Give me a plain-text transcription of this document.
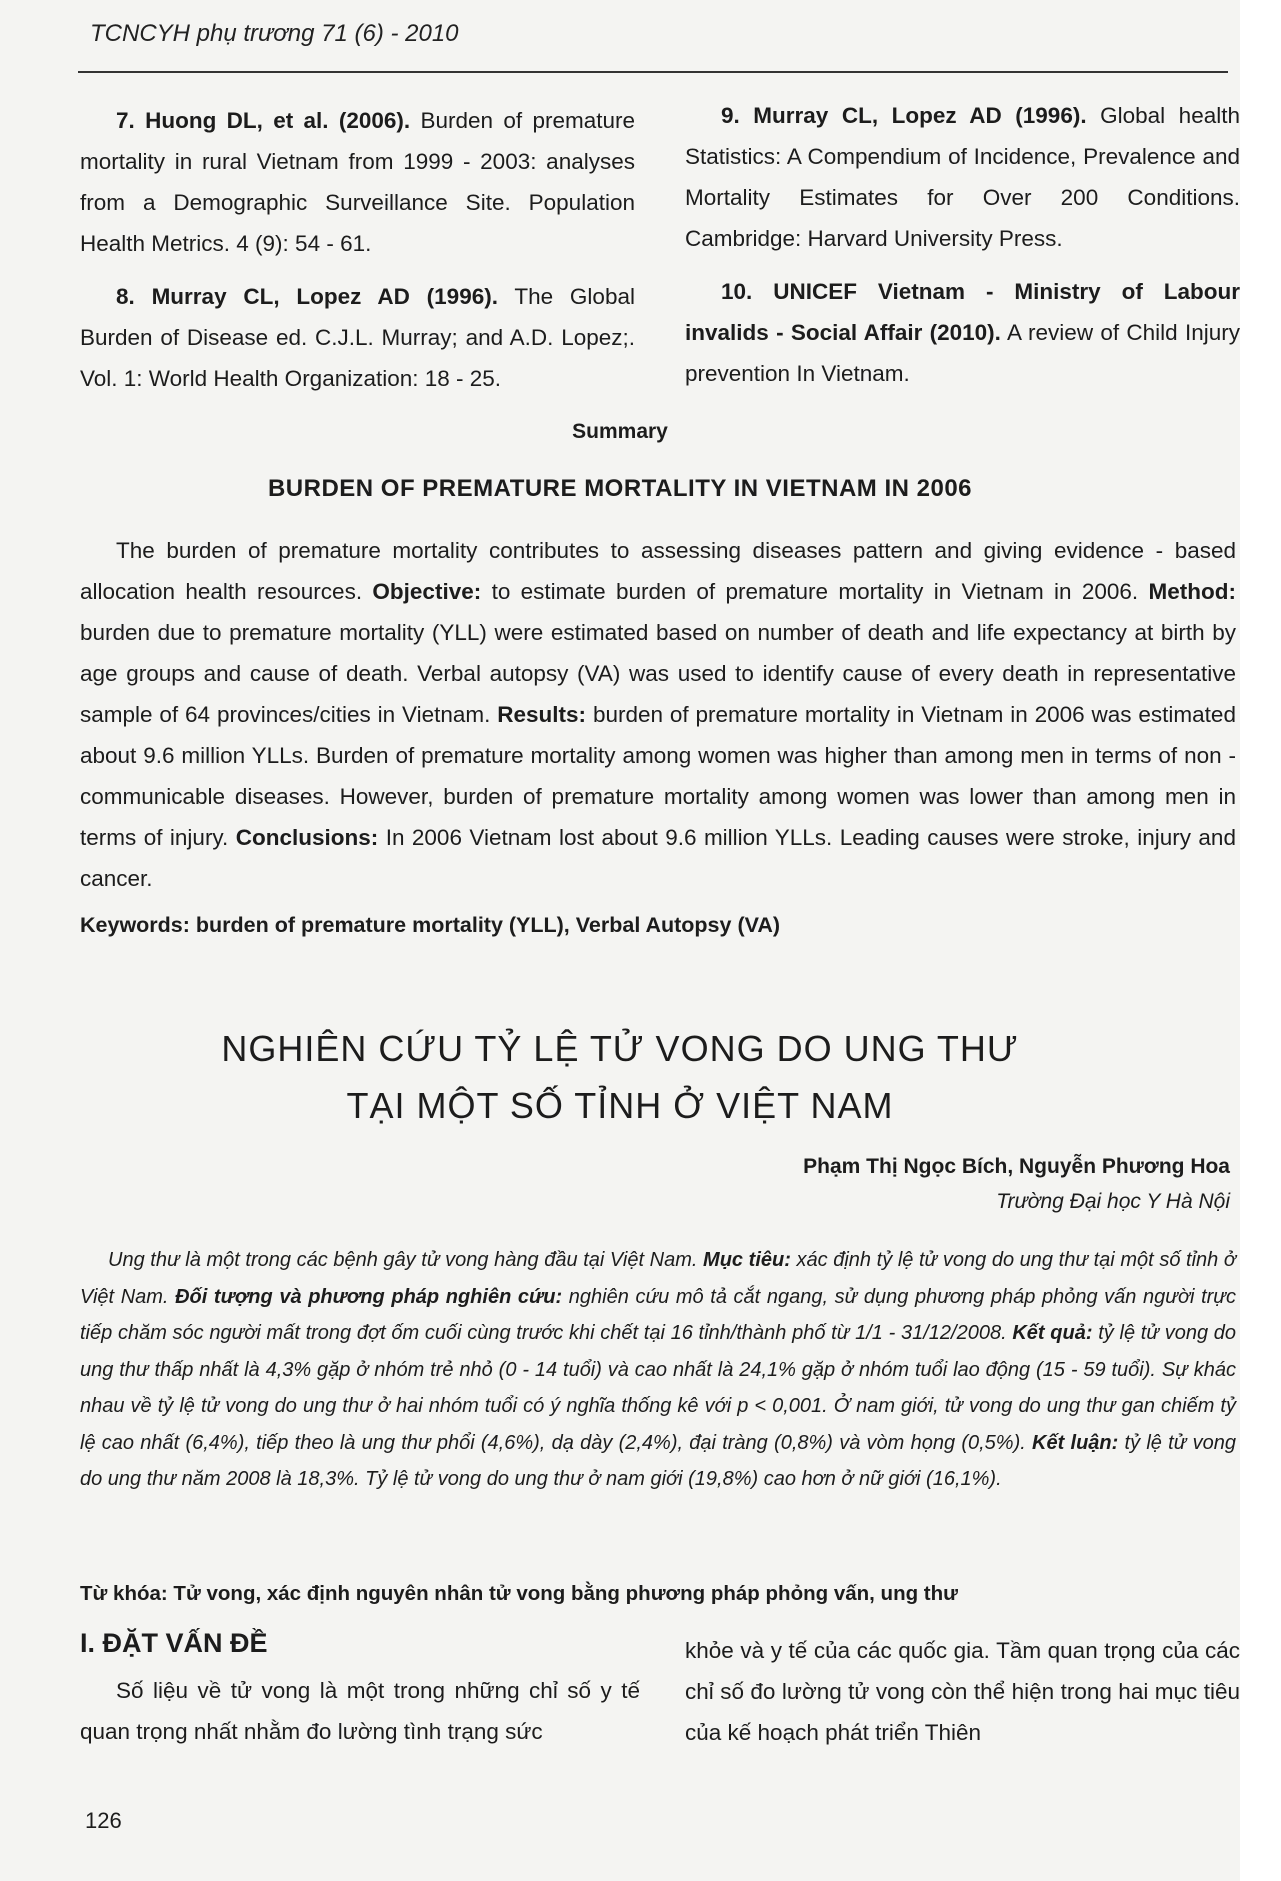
TCNCYH phụ trương 71 (6) - 2010

7. Huong DL, et al. (2006). Burden of premature mortality in rural Vietnam from 1999 - 2003: analyses from a Demographic Surveillance Site. Population Health Metrics. 4 (9): 54 - 61.

8. Murray CL, Lopez AD (1996). The Global Burden of Disease ed. C.J.L. Murray; and A.D. Lopez;. Vol. 1: World Health Organization: 18 - 25.

9. Murray CL, Lopez AD (1996). Global health Statistics: A Compendium of Incidence, Prevalence and Mortality Estimates for Over 200 Conditions. Cambridge: Harvard University Press.

10. UNICEF Vietnam - Ministry of Labour invalids - Social Affair (2010). A review of Child Injury prevention In Vietnam.

Summary
BURDEN OF PREMATURE MORTALITY IN VIETNAM IN 2006
The burden of premature mortality contributes to assessing diseases pattern and giving evidence - based allocation health resources. Objective: to estimate burden of premature mortality in Vietnam in 2006. Method: burden due to premature mortality (YLL) were estimated based on number of death and life expectancy at birth by age groups and cause of death. Verbal autopsy (VA) was used to identify cause of every death in representative sample of 64 provinces/cities in Vietnam. Results: burden of premature mortality in Vietnam in 2006 was estimated about 9.6 million YLLs. Burden of premature mortality among women was higher than among men in terms of non - communicable diseases. However, burden of premature mortality among women was lower than among men in terms of injury. Conclusions: In 2006 Vietnam lost about 9.6 million YLLs. Leading causes were stroke, injury and cancer.
Keywords: burden of premature mortality (YLL), Verbal Autopsy (VA)
NGHIÊN CỨU TỶ LỆ TỬ VONG DO UNG THƯ
TẠI MỘT SỐ TỈNH Ở VIỆT NAM
Phạm Thị Ngọc Bích, Nguyễn Phương Hoa
Trường Đại học Y Hà Nội
Ung thư là một trong các bệnh gây tử vong hàng đầu tại Việt Nam. Mục tiêu: xác định tỷ lệ tử vong do ung thư tại một số tỉnh ở Việt Nam. Đối tượng và phương pháp nghiên cứu: nghiên cứu mô tả cắt ngang, sử dụng phương pháp phỏng vấn người trực tiếp chăm sóc người mất trong đợt ốm cuối cùng trước khi chết tại 16 tỉnh/thành phố từ 1/1 - 31/12/2008. Kết quả: tỷ lệ tử vong do ung thư thấp nhất là 4,3% gặp ở nhóm trẻ nhỏ (0 - 14 tuổi) và cao nhất là 24,1% gặp ở nhóm tuổi lao động (15 - 59 tuổi). Sự khác nhau về tỷ lệ tử vong do ung thư ở hai nhóm tuổi có ý nghĩa thống kê với p < 0,001. Ở nam giới, tử vong do ung thư gan chiếm tỷ lệ cao nhất (6,4%), tiếp theo là ung thư phổi (4,6%), dạ dày (2,4%), đại tràng (0,8%) và vòm họng (0,5%). Kết luận: tỷ lệ tử vong do ung thư năm 2008 là 18,3%. Tỷ lệ tử vong do ung thư ở nam giới (19,8%) cao hơn ở nữ giới (16,1%).
Từ khóa: Tử vong, xác định nguyên nhân tử vong bằng phương pháp phỏng vấn, ung thư
I. ĐẶT VẤN ĐỀ
Số liệu về tử vong là một trong những chỉ số y tế quan trọng nhất nhằm đo lường tình trạng sức
khỏe và y tế của các quốc gia. Tầm quan trọng của các chỉ số đo lường tử vong còn thể hiện trong hai mục tiêu của kế hoạch phát triển Thiên
126
